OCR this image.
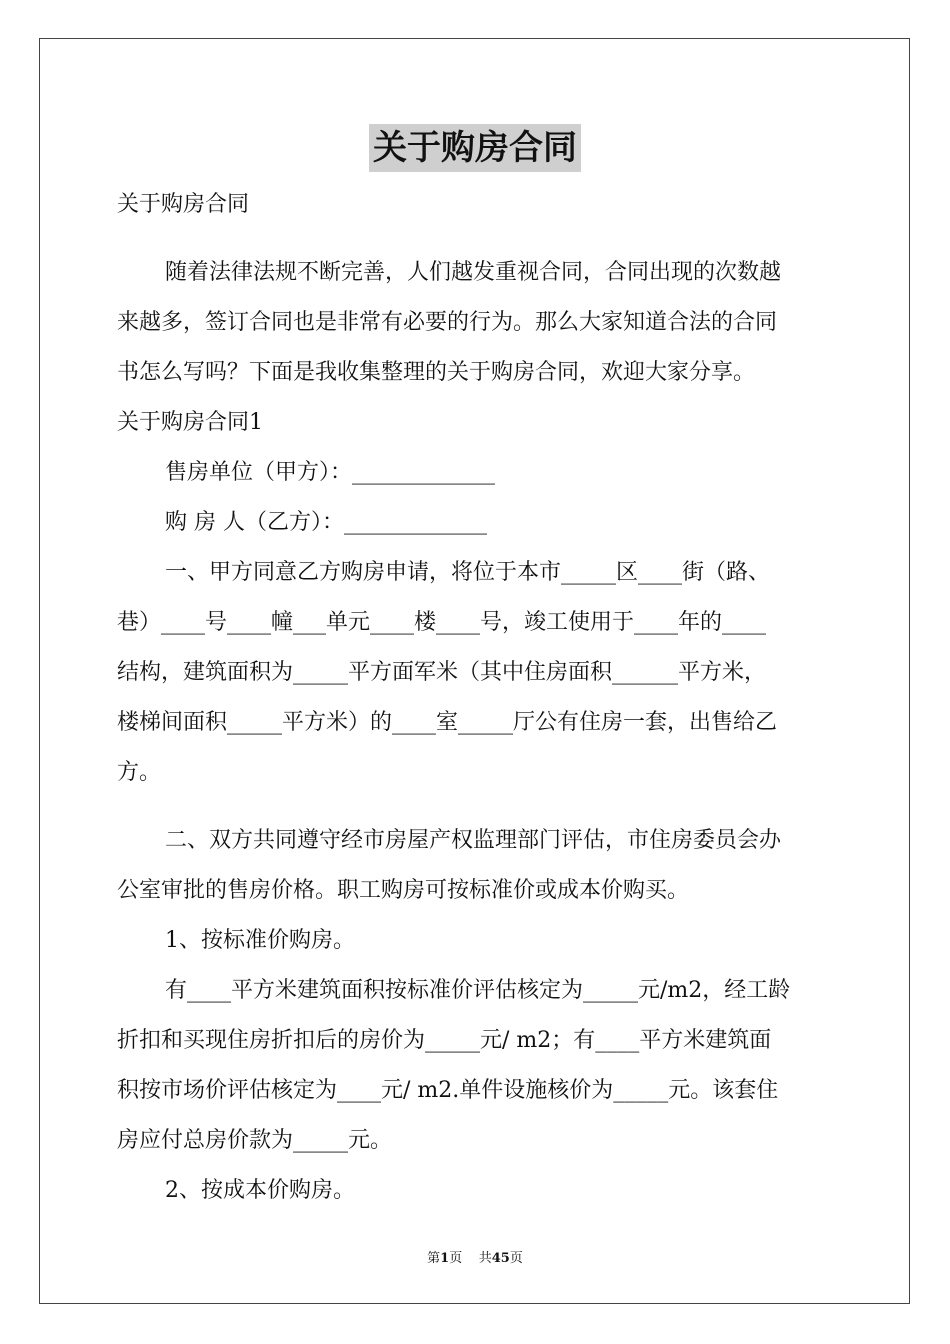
关于购房合同
关于购房合同
随着法律法规不断完善，人们越发重视合同，合同出现的次数越
来越多，签订合同也是非常有必要的行为。那么大家知道合法的合同
书怎么写吗？下面是我收集整理的关于购房合同，欢迎大家分享。
关于购房合同1
售房单位（甲方）：_____________
购 房 人（乙方）：_____________
一、甲方同意乙方购房申请，将位于本市_____区____街（路、
巷）____号____幢___单元____楼____号，竣工使用于____年的____
结构，建筑面积为_____平方面军米（其中住房面积______平方米，
楼梯间面积_____平方米）的____室_____厅公有住房一套，出售给乙
方。
二、双方共同遵守经市房屋产权监理部门评估，市住房委员会办
公室审批的售房价格。职工购房可按标准价或成本价购买。
1、按标准价购房。
有____平方米建筑面积按标准价评估核定为_____元/m2，经工龄
折扣和买现住房折扣后的房价为_____元/ m2；有____平方米建筑面
积按市场价评估核定为____元/ m2.单件设施核价为_____元。该套住
房应付总房价款为_____元。
2、按成本价购房。
第1页 共45页
